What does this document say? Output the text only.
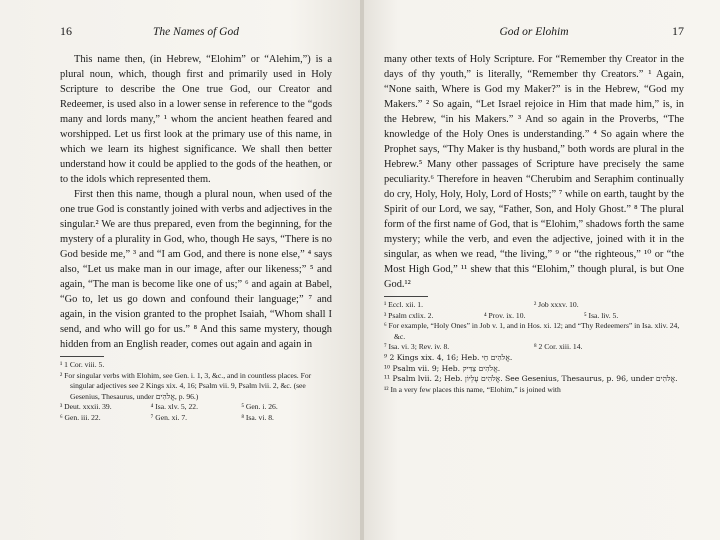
16	The Names of God

This name then, (in Hebrew, “Elohim” or “Alehim,”) is a plural noun, which, though first and primarily used in Holy Scripture to describe the One true God, our Creator and Redeemer, is used also in a lower sense in reference to the “gods many and lords many,” ¹ whom the ancient heathen feared and worshipped. Let us first look at the primary use of this name, in which we learn its highest significance. We shall then better understand how it could be applied to the gods of the heathen, or to the idols which represented them.

First then this name, though a plural noun, when used of the one true God is constantly joined with verbs and adjectives in the singular.² We are thus prepared, even from the beginning, for the mystery of a plurality in God, who, though He says, “There is no God beside me,” ³ and “I am God, and there is none else,” ⁴ says also, “Let us make man in our image, after our likeness;” ⁵ and again, “The man is become like one of us;” ⁶ and again at Babel, “Go to, let us go down and confound their language;” ⁷ and again, in the vision granted to the prophet Isaiah, “Whom shall I send, and who will go for us.” ⁸ And this same mystery, though hidden from an English reader, comes out again and again in

¹ 1 Cor. viii. 5.
² For singular verbs with Elohim, see Gen. i. 1, 3, &c., and in countless places. For singular adjectives see 2 Kings xix. 4, 16; Psalm vii. 9, Psalm lvii. 2, &c. (see Gesenius, Thesaurus, under אֱלֹהִים, p. 96.)
³ Deut. xxxii. 39.	⁴ Isa. xlv. 5, 22.	⁵ Gen. i. 26.
⁶ Gen. iii. 22.	⁷ Gen. xi. 7.	⁸ Isa. vi. 8.
God or Elohim	17

many other texts of Holy Scripture. For “Remember thy Creator in the days of thy youth,” is literally, “Remember thy Creators.” ¹ Again, “None saith, Where is God my Maker?” is in the Hebrew, “God my Makers.” ² So again, “Let Israel rejoice in Him that made him,” is, in the Hebrew, “in his Makers.” ³ And so again in the Proverbs, “The knowledge of the Holy Ones is understanding.” ⁴ So again where the Prophet says, “Thy Maker is thy husband,” both words are plural in the Hebrew.⁵ Many other passages of Scripture have precisely the same peculiarity.⁶ Therefore in heaven “Cherubim and Seraphim continually do cry, Holy, Holy, Holy, Lord of Hosts;” ⁷ while on earth, taught by the Spirit of our Lord, we say, “Father, Son, and Holy Ghost.” ⁸ The plural form of the first name of God, that is “Elohim,” shadows forth the same mystery; while the verb, and even the adjective, joined with it in the singular, as when we read, “the living,” ⁹ or “the righteous,” ¹⁰ or “the Most High God,” ¹¹ shew that this “Elohim,” though plural, is but One God.¹²

¹ Eccl. xii. 1.	² Job xxxv. 10.
³ Psalm cxlix. 2.	⁴ Prov. ix. 10.	⁵ Isa. liv. 5.
⁶ For example, “Holy Ones” in Job v. 1, and in Hos. xi. 12; and “Thy Redeemers” in Isa. xliv. 24, &c.
⁷ Isa. vi. 3; Rev. iv. 8.	⁸ 2 Cor. xiii. 14.
⁹ 2 Kings xix. 4, 16; Heb. אֱלֹהִים חַי.
¹⁰ Psalm vii. 9; Heb. אֱלֹהִים צַדִּיק.
¹¹ Psalm lvii. 2; Heb. אֱלֹהִים עֶלְיוֹן. See Gesenius, Thesaurus, p. 96, under אֱלֹהִים.
¹² In a very few places this name, “Elohim,” is joined with
